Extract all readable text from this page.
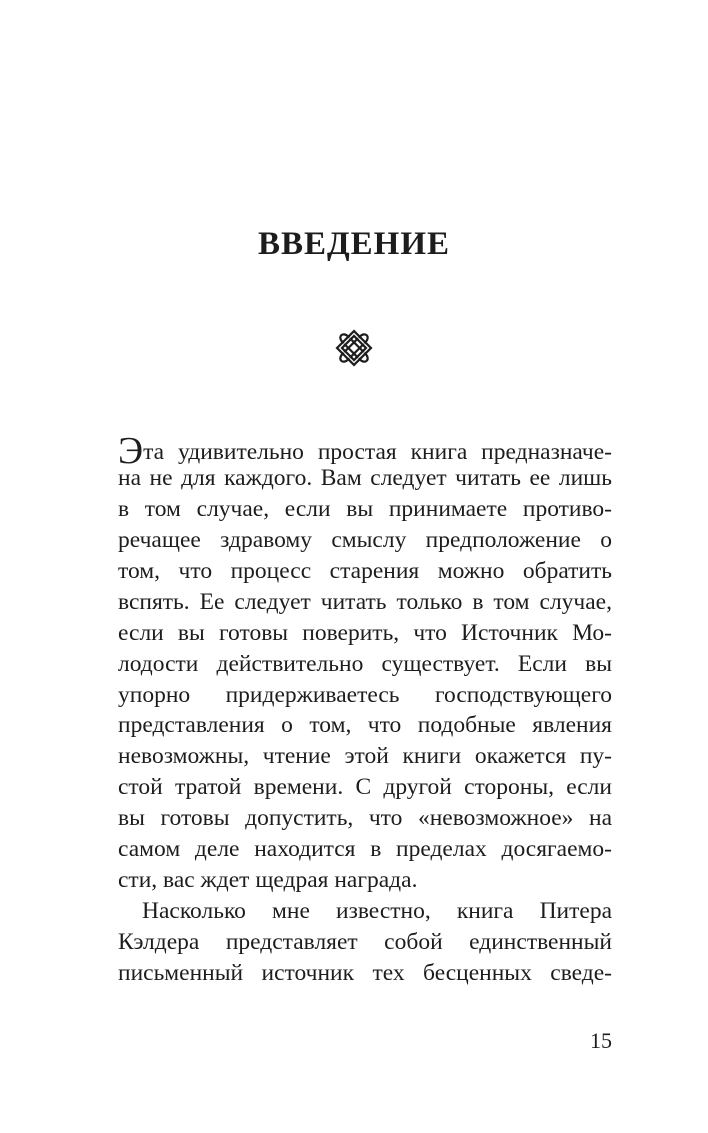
ВВЕДЕНИЕ
Эта удивительно простая книга предназначе-
на не для каждого. Вам следует читать ее лишь
в том случае, если вы принимаете противо-
речащее здравому смыслу предположение о
том, что процесс старения можно обратить
вспять. Ее следует читать только в том случае,
если вы готовы поверить, что Источник Мо-
лодости действительно существует. Если вы
упорно придерживаетесь господствующего
представления о том, что подобные явления
невозможны, чтение этой книги окажется пу-
стой тратой времени. С другой стороны, если
вы готовы допустить, что «невозможное» на
самом деле находится в пределах досягаемо-
сти, вас ждет щедрая награда.
Насколько мне известно, книга Питера
Кэлдера представляет собой единственный
письменный источник тех бесценных сведе-
15
